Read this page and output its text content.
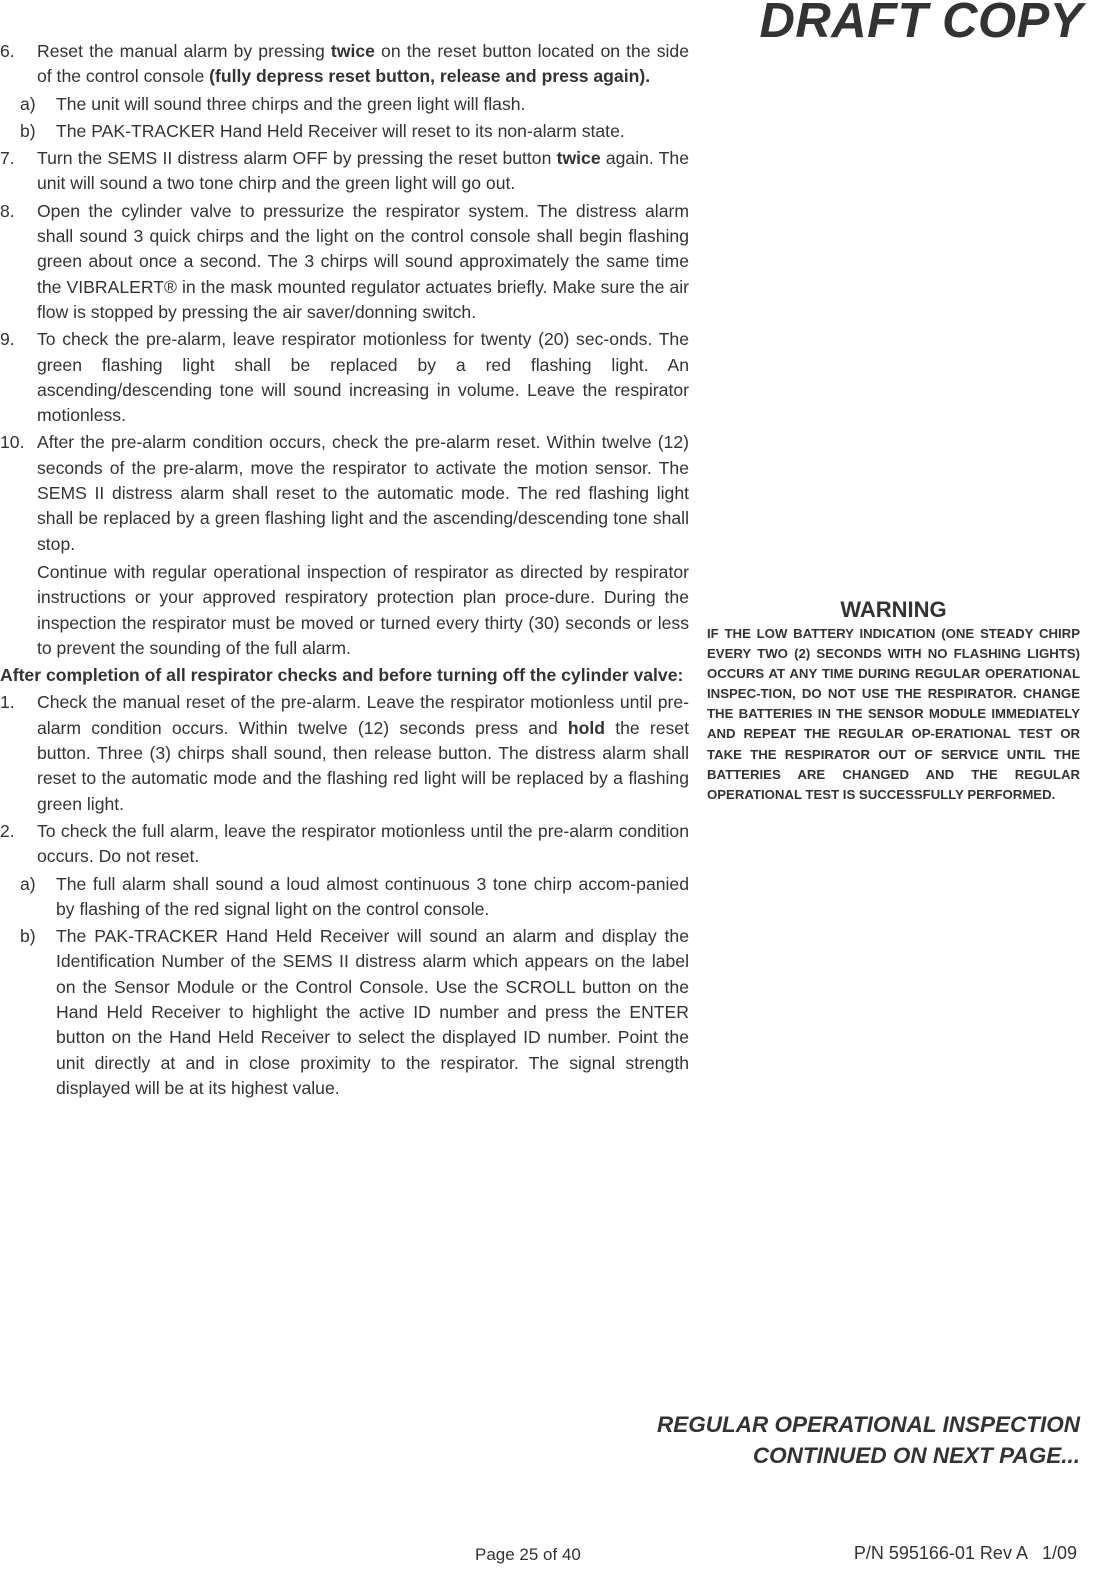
DRAFT COPY
6. Reset the manual alarm by pressing twice on the reset button located on the side of the control console (fully depress reset button, release and press again).
a) The unit will sound three chirps and the green light will flash.
b) The PAK-TRACKER Hand Held Receiver will reset to its non-alarm state.
7. Turn the SEMS II distress alarm OFF by pressing the reset button twice again. The unit will sound a two tone chirp and the green light will go out.
8. Open the cylinder valve to pressurize the respirator system. The distress alarm shall sound 3 quick chirps and the light on the control console shall begin flashing green about once a second. The 3 chirps will sound approximately the same time the VIBRALERT® in the mask mounted regulator actuates briefly. Make sure the air flow is stopped by pressing the air saver/donning switch.
9. To check the pre-alarm, leave respirator motionless for twenty (20) sec-onds. The green flashing light shall be replaced by a red flashing light. An ascending/descending tone will sound increasing in volume. Leave the respirator motionless.
10. After the pre-alarm condition occurs, check the pre-alarm reset. Within twelve (12) seconds of the pre-alarm, move the respirator to activate the motion sensor. The SEMS II distress alarm shall reset to the automatic mode. The red flashing light shall be replaced by a green flashing light and the ascending/descending tone shall stop.

Continue with regular operational inspection of respirator as directed by respirator instructions or your approved respiratory protection plan proce-dure. During the inspection the respirator must be moved or turned every thirty (30) seconds or less to prevent the sounding of the full alarm.

After completion of all respirator checks and before turning off the cylinder valve:

1. Check the manual reset of the pre-alarm. Leave the respirator motionless until pre-alarm condition occurs. Within twelve (12) seconds press and hold the reset button. Three (3) chirps shall sound, then release button. The distress alarm shall reset to the automatic mode and the flashing red light will be replaced by a flashing green light.
2. To check the full alarm, leave the respirator motionless until the pre-alarm condition occurs. Do not reset.
a) The full alarm shall sound a loud almost continuous 3 tone chirp accom-panied by flashing of the red signal light on the control console.
b) The PAK-TRACKER Hand Held Receiver will sound an alarm and display the Identification Number of the SEMS II distress alarm which appears on the label on the Sensor Module or the Control Console. Use the SCROLL button on the Hand Held Receiver to highlight the active ID number and press the ENTER button on the Hand Held Receiver to select the displayed ID number. Point the unit directly at and in close proximity to the respirator. The signal strength displayed will be at its highest value.
WARNING

IF THE LOW BATTERY INDICATION (ONE STEADY CHIRP EVERY TWO (2) SECONDS WITH NO FLASHING LIGHTS) OCCURS AT ANY TIME DURING REGULAR OPERATIONAL INSPEC-TION, DO NOT USE THE RESPIRATOR. CHANGE THE BATTERIES IN THE SENSOR MODULE IMMEDIATELY AND REPEAT THE REGULAR OP-ERATIONAL TEST OR TAKE THE RESPIRATOR OUT OF SERVICE UNTIL THE BATTERIES ARE CHANGED AND THE REGULAR OPERATIONAL TEST IS SUCCESSFULLY PERFORMED.

REGULAR OPERATIONAL INSPECTION
CONTINUED ON NEXT PAGE...
Page 25 of 40	P/N 595166-01 Rev A   1/09
